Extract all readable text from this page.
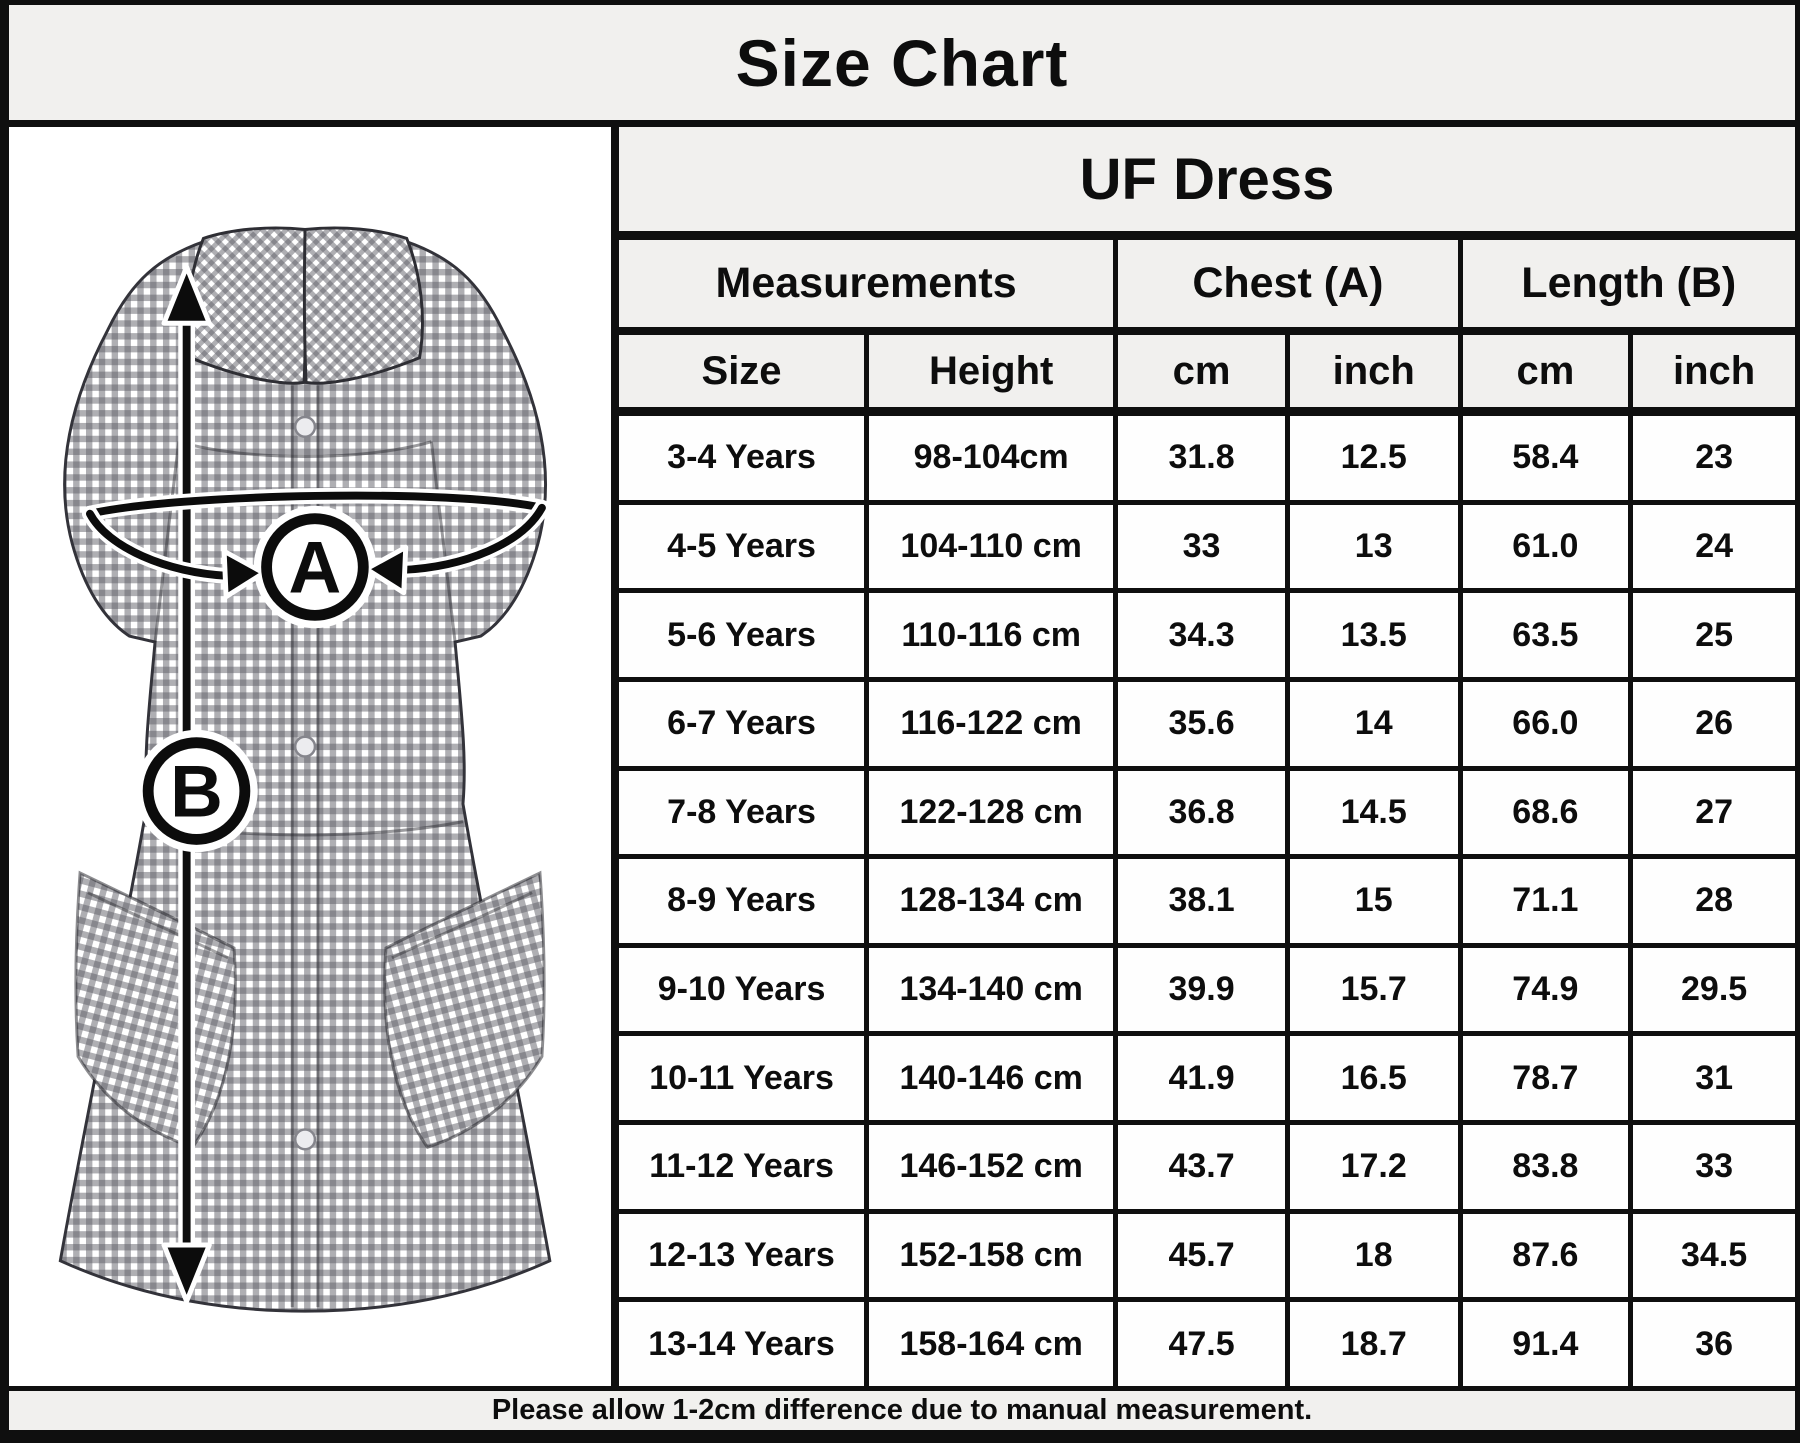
Size Chart
B
A
UF Dress
Measurements	Chest (A)	Length (B)
Size	Height	cm	inch	cm	inch
3-4 Years	98-104cm	31.8	12.5	58.4	23
4-5 Years	104-110 cm	33	13	61.0	24
5-6 Years	110-116 cm	34.3	13.5	63.5	25
6-7 Years	116-122 cm	35.6	14	66.0	26
7-8 Years	122-128 cm	36.8	14.5	68.6	27
8-9 Years	128-134 cm	38.1	15	71.1	28
9-10 Years	134-140 cm	39.9	15.7	74.9	29.5
10-11 Years	140-146 cm	41.9	16.5	78.7	31
11-12 Years	146-152 cm	43.7	17.2	83.8	33
12-13 Years	152-158 cm	45.7	18	87.6	34.5
13-14 Years	158-164 cm	47.5	18.7	91.4	36
Please allow 1-2cm difference due to manual measurement.
